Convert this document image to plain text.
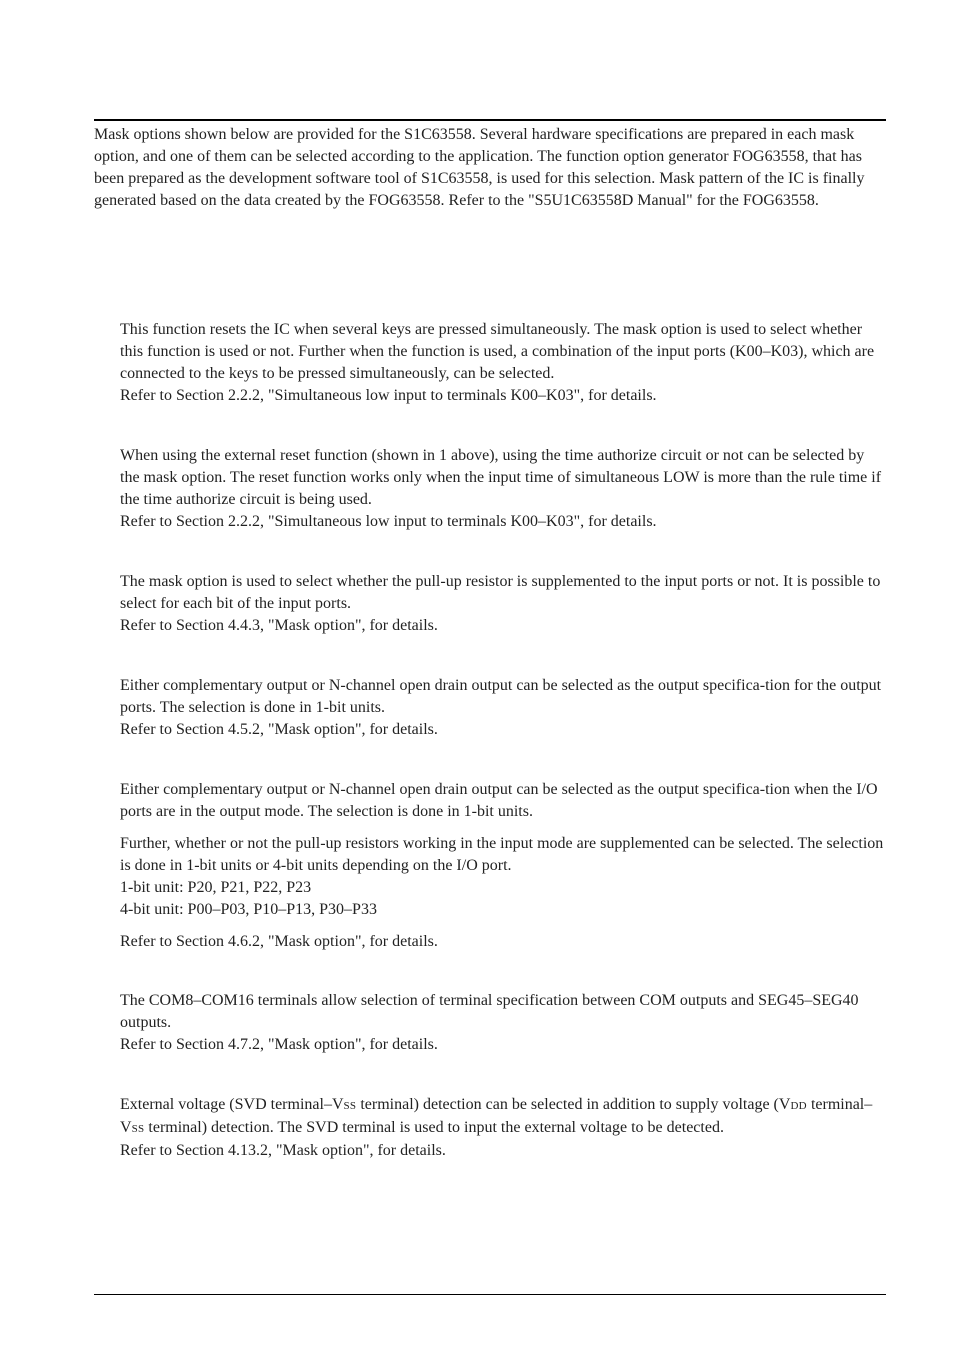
Mask options shown below are provided for the S1C63558. Several hardware specifications are prepared in each mask option, and one of them can be selected according to the application. The function option generator FOG63558, that has been prepared as the development software tool of S1C63558, is used for this selection. Mask pattern of the IC is finally generated based on the data created by the FOG63558. Refer to the "S5U1C63558D Manual" for the FOG63558.

This function resets the IC when several keys are pressed simultaneously. The mask option is used to select whether this function is used or not. Further when the function is used, a combination of the input ports (K00–K03), which are connected to the keys to be pressed simultaneously, can be selected.

Refer to Section 2.2.2, "Simultaneous low input to terminals K00–K03", for details.

When using the external reset function (shown in 1 above), using the time authorize circuit or not can be selected by the mask option. The reset function works only when the input time of simultaneous LOW is more than the rule time if the time authorize circuit is being used.

Refer to Section 2.2.2, "Simultaneous low input to terminals K00–K03", for details.

The mask option is used to select whether the pull-up resistor is supplemented to the input ports or not. It is possible to select for each bit of the input ports.

Refer to Section 4.4.3, "Mask option", for details.

Either complementary output or N-channel open drain output can be selected as the output specifica-tion for the output ports. The selection is done in 1-bit units.

Refer to Section 4.5.2, "Mask option", for details.

Either complementary output or N-channel open drain output can be selected as the output specifica-tion when the I/O ports are in the output mode. The selection is done in 1-bit units.

Further, whether or not the pull-up resistors working in the input mode are supplemented can be selected. The selection is done in 1-bit units or 4-bit units depending on the I/O port.

1-bit unit: P20, P21, P22, P23

4-bit unit: P00–P03, P10–P13, P30–P33

Refer to Section 4.6.2, "Mask option", for details.

The COM8–COM16 terminals allow selection of terminal specification between COM outputs and SEG45–SEG40 outputs.

Refer to Section 4.7.2, "Mask option", for details.

External voltage (SVD terminal–VSS terminal) detection can be selected in addition to supply voltage (VDD terminal–VSS terminal) detection. The SVD terminal is used to input the external voltage to be detected.

Refer to Section 4.13.2, "Mask option", for details.
